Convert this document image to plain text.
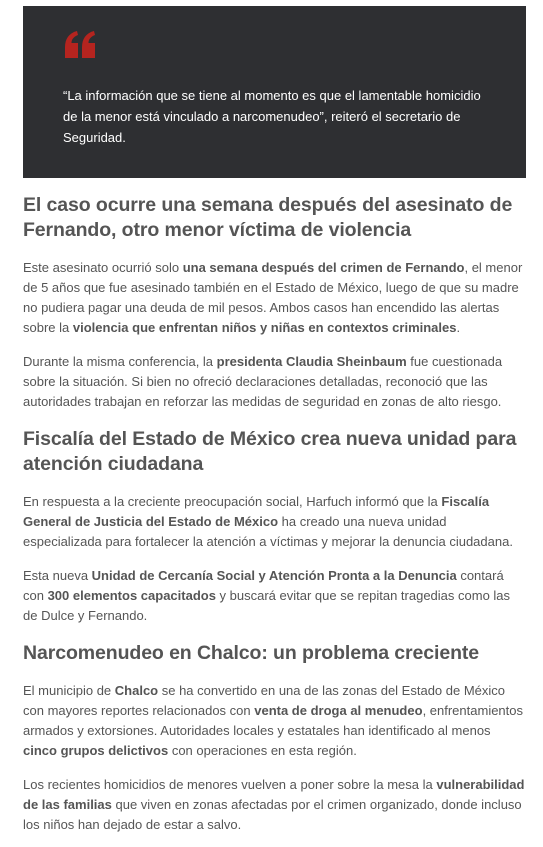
“La información que se tiene al momento es que el lamentable homicidio de la menor está vinculado a narcomenudeo”, reiteró el secretario de Seguridad.

El caso ocurre una semana después del asesinato de Fernando, otro menor víctima de violencia

Este asesinato ocurrió solo una semana después del crimen de Fernando, el menor de 5 años que fue asesinado también en el Estado de México, luego de que su madre no pudiera pagar una deuda de mil pesos. Ambos casos han encendido las alertas sobre la violencia que enfrentan niños y niñas en contextos criminales.

Durante la misma conferencia, la presidenta Claudia Sheinbaum fue cuestionada sobre la situación. Si bien no ofreció declaraciones detalladas, reconoció que las autoridades trabajan en reforzar las medidas de seguridad en zonas de alto riesgo.

Fiscalía del Estado de México crea nueva unidad para atención ciudadana

En respuesta a la creciente preocupación social, Harfuch informó que la Fiscalía General de Justicia del Estado de México ha creado una nueva unidad especializada para fortalecer la atención a víctimas y mejorar la denuncia ciudadana.

Esta nueva Unidad de Cercanía Social y Atención Pronta a la Denuncia contará con 300 elementos capacitados y buscará evitar que se repitan tragedias como las de Dulce y Fernando.

Narcomenudeo en Chalco: un problema creciente

El municipio de Chalco se ha convertido en una de las zonas del Estado de México con mayores reportes relacionados con venta de droga al menudeo, enfrentamientos armados y extorsiones. Autoridades locales y estatales han identificado al menos cinco grupos delictivos con operaciones en esta región.

Los recientes homicidios de menores vuelven a poner sobre la mesa la vulnerabilidad de las familias que viven en zonas afectadas por el crimen organizado, donde incluso los niños han dejado de estar a salvo.
